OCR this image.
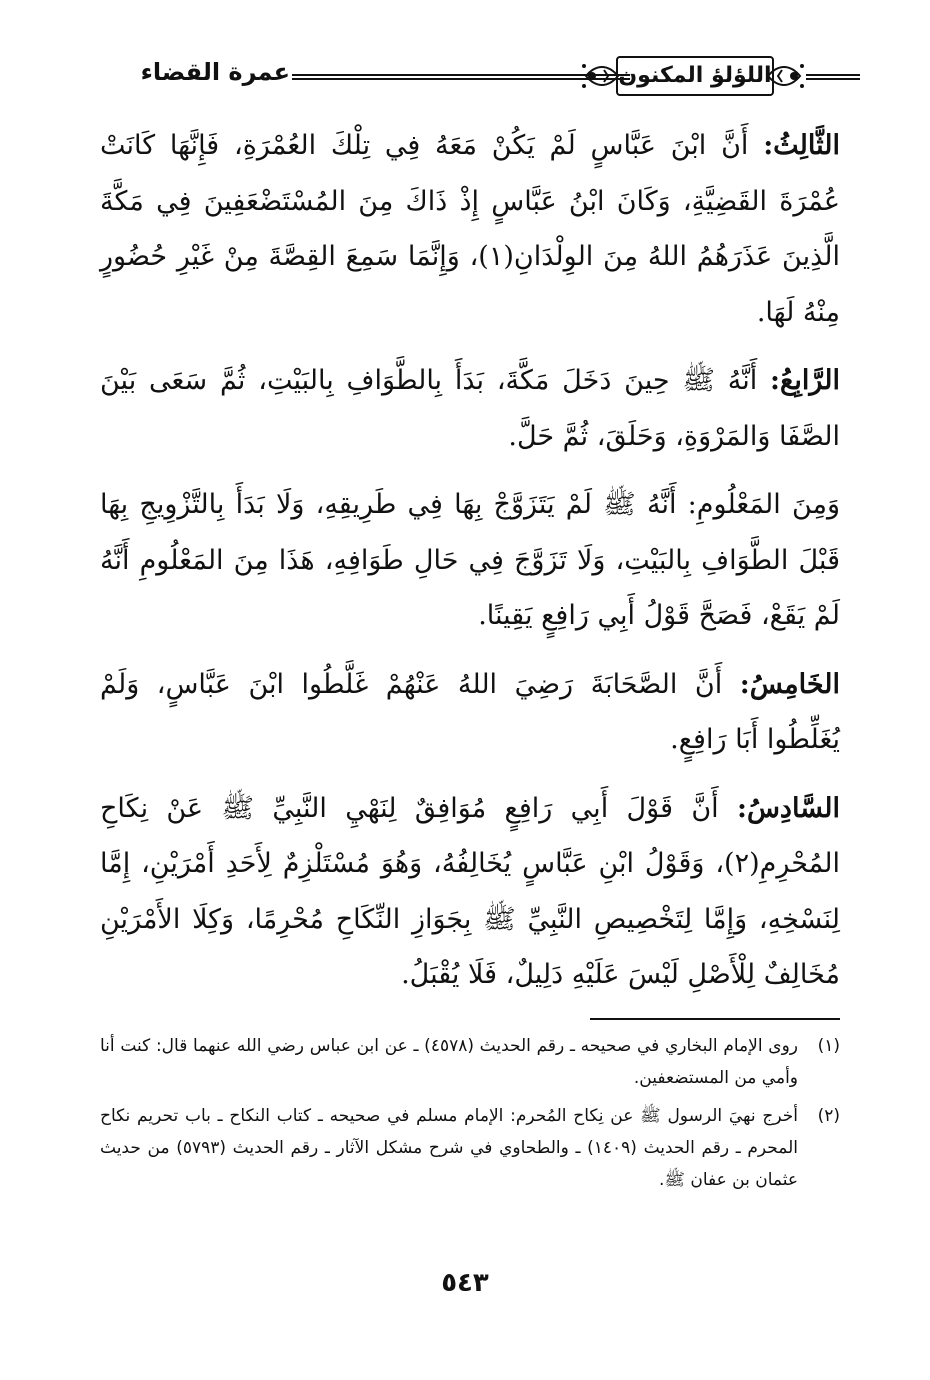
عمرة القضاء	اللؤلؤ المكنون

الثَّالِثُ: أَنَّ ابْنَ عَبَّاسٍ لَمْ يَكُنْ مَعَهُ فِي تِلْكَ العُمْرَةِ، فَإِنَّهَا كَانَتْ عُمْرَةَ القَضِيَّةِ، وَكَانَ ابْنُ عَبَّاسٍ إِذْ ذَاكَ مِنَ المُسْتَضْعَفِينَ فِي مَكَّةَ الَّذِينَ عَذَرَهُمُ اللهُ مِنَ الوِلْدَانِ(١)، وَإِنَّمَا سَمِعَ القِصَّةَ مِنْ غَيْرِ حُضُورٍ مِنْهُ لَهَا.

الرَّابِعُ: أَنَّهُ ﷺ حِينَ دَخَلَ مَكَّةَ، بَدَأَ بِالطَّوَافِ بِالبَيْتِ، ثُمَّ سَعَى بَيْنَ الصَّفَا وَالمَرْوَةِ، وَحَلَقَ، ثُمَّ حَلَّ.

وَمِنَ المَعْلُومِ: أَنَّهُ ﷺ لَمْ يَتَزَوَّجْ بِهَا فِي طَرِيقِهِ، وَلَا بَدَأَ بِالتَّزْوِيجِ بِهَا قَبْلَ الطَّوَافِ بِالبَيْتِ، وَلَا تَزَوَّجَ فِي حَالِ طَوَافِهِ، هَذَا مِنَ المَعْلُومِ أَنَّهُ لَمْ يَقَعْ، فَصَحَّ قَوْلُ أَبِي رَافِعٍ يَقِينًا.

الخَامِسُ: أَنَّ الصَّحَابَةَ رَضِيَ اللهُ عَنْهُمْ غَلَّطُوا ابْنَ عَبَّاسٍ، وَلَمْ يُغَلِّطُوا أَبَا رَافِعٍ.

السَّادِسُ: أَنَّ قَوْلَ أَبِي رَافِعٍ مُوَافِقٌ لِنَهْيِ النَّبِيِّ ﷺ عَنْ نِكَاحِ المُحْرِمِ(٢)، وَقَوْلُ ابْنِ عَبَّاسٍ يُخَالِفُهُ، وَهُوَ مُسْتَلْزِمٌ لِأَحَدِ أَمْرَيْنِ، إِمَّا لِنَسْخِهِ، وَإِمَّا لِتَخْصِيصِ النَّبِيِّ ﷺ بِجَوَازِ النِّكَاحِ مُحْرِمًا، وَكِلَا الأَمْرَيْنِ مُخَالِفٌ لِلْأَصْلِ لَيْسَ عَلَيْهِ دَلِيلٌ، فَلَا يُقْبَلُ.

(١)
روى الإمام البخاري في صحيحه ـ رقم الحديث (٤٥٧٨) ـ عن ابن عباس رضي الله عنهما قال: كنت أنا وأمي من المستضعفين.
(٢)
أخرج نهيَ الرسول ﷺ عن نِكاح المُحرم: الإمام مسلم في صحيحه ـ كتاب النكاح ـ باب تحريم نكاح المحرم ـ رقم الحديث (١٤٠٩) ـ والطحاوي في شرح مشكل الآثار ـ رقم الحديث (٥٧٩٣) من حديث عثمان بن عفان ﷺ.
٥٤٣
